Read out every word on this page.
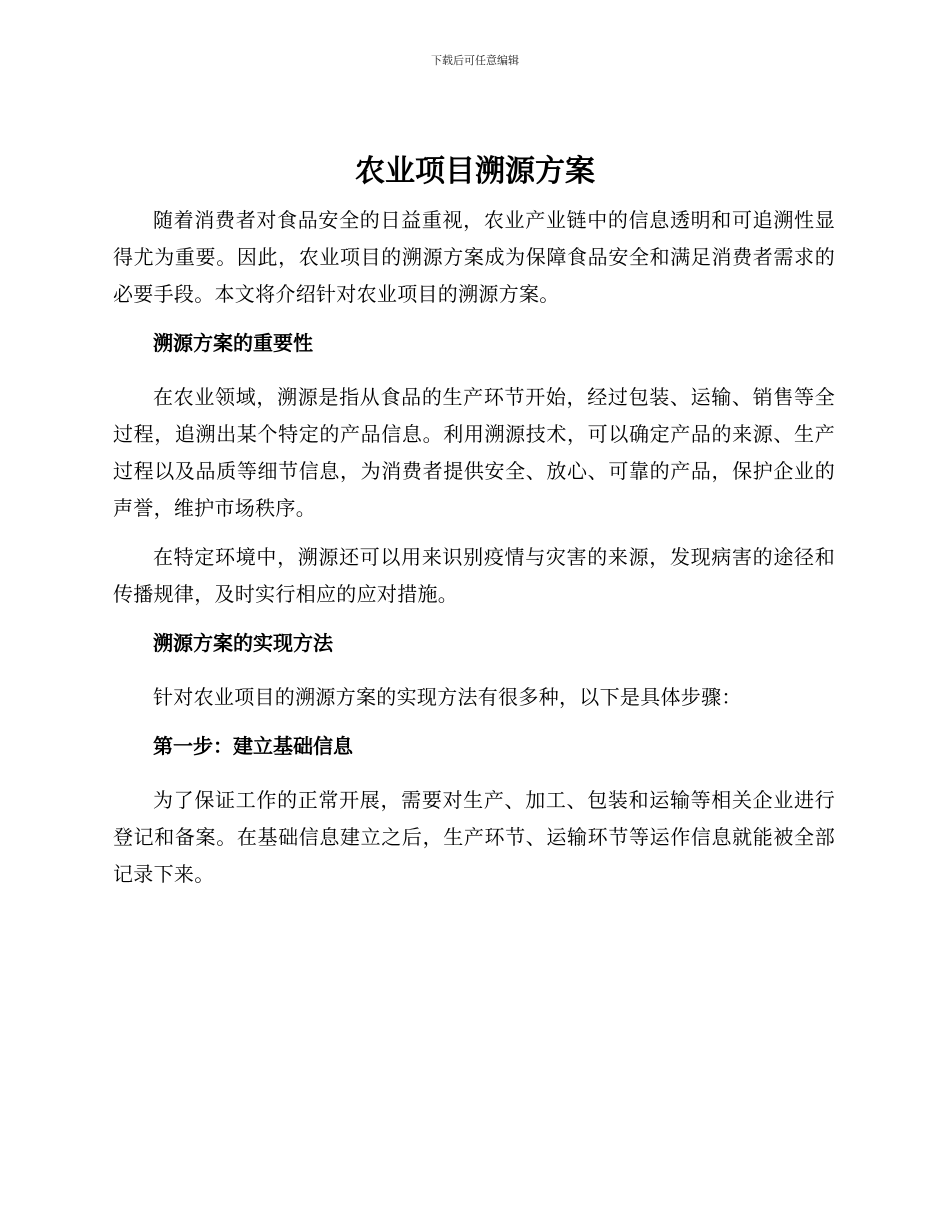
下载后可任意编辑
农业项目溯源方案

随着消费者对食品安全的日益重视，农业产业链中的信息透明和可追溯性显得尤为重要。因此，农业项目的溯源方案成为保障食品安全和满足消费者需求的必要手段。本文将介绍针对农业项目的溯源方案。

溯源方案的重要性

在农业领域，溯源是指从食品的生产环节开始，经过包装、运输、销售等全过程，追溯出某个特定的产品信息。利用溯源技术，可以确定产品的来源、生产过程以及品质等细节信息，为消费者提供安全、放心、可靠的产品，保护企业的声誉，维护市场秩序。

在特定环境中，溯源还可以用来识别疫情与灾害的来源，发现病害的途径和传播规律，及时实行相应的应对措施。

溯源方案的实现方法

针对农业项目的溯源方案的实现方法有很多种，以下是具体步骤：

第一步：建立基础信息

为了保证工作的正常开展，需要对生产、加工、包装和运输等相关企业进行登记和备案。在基础信息建立之后，生产环节、运输环节等运作信息就能被全部记录下来。
